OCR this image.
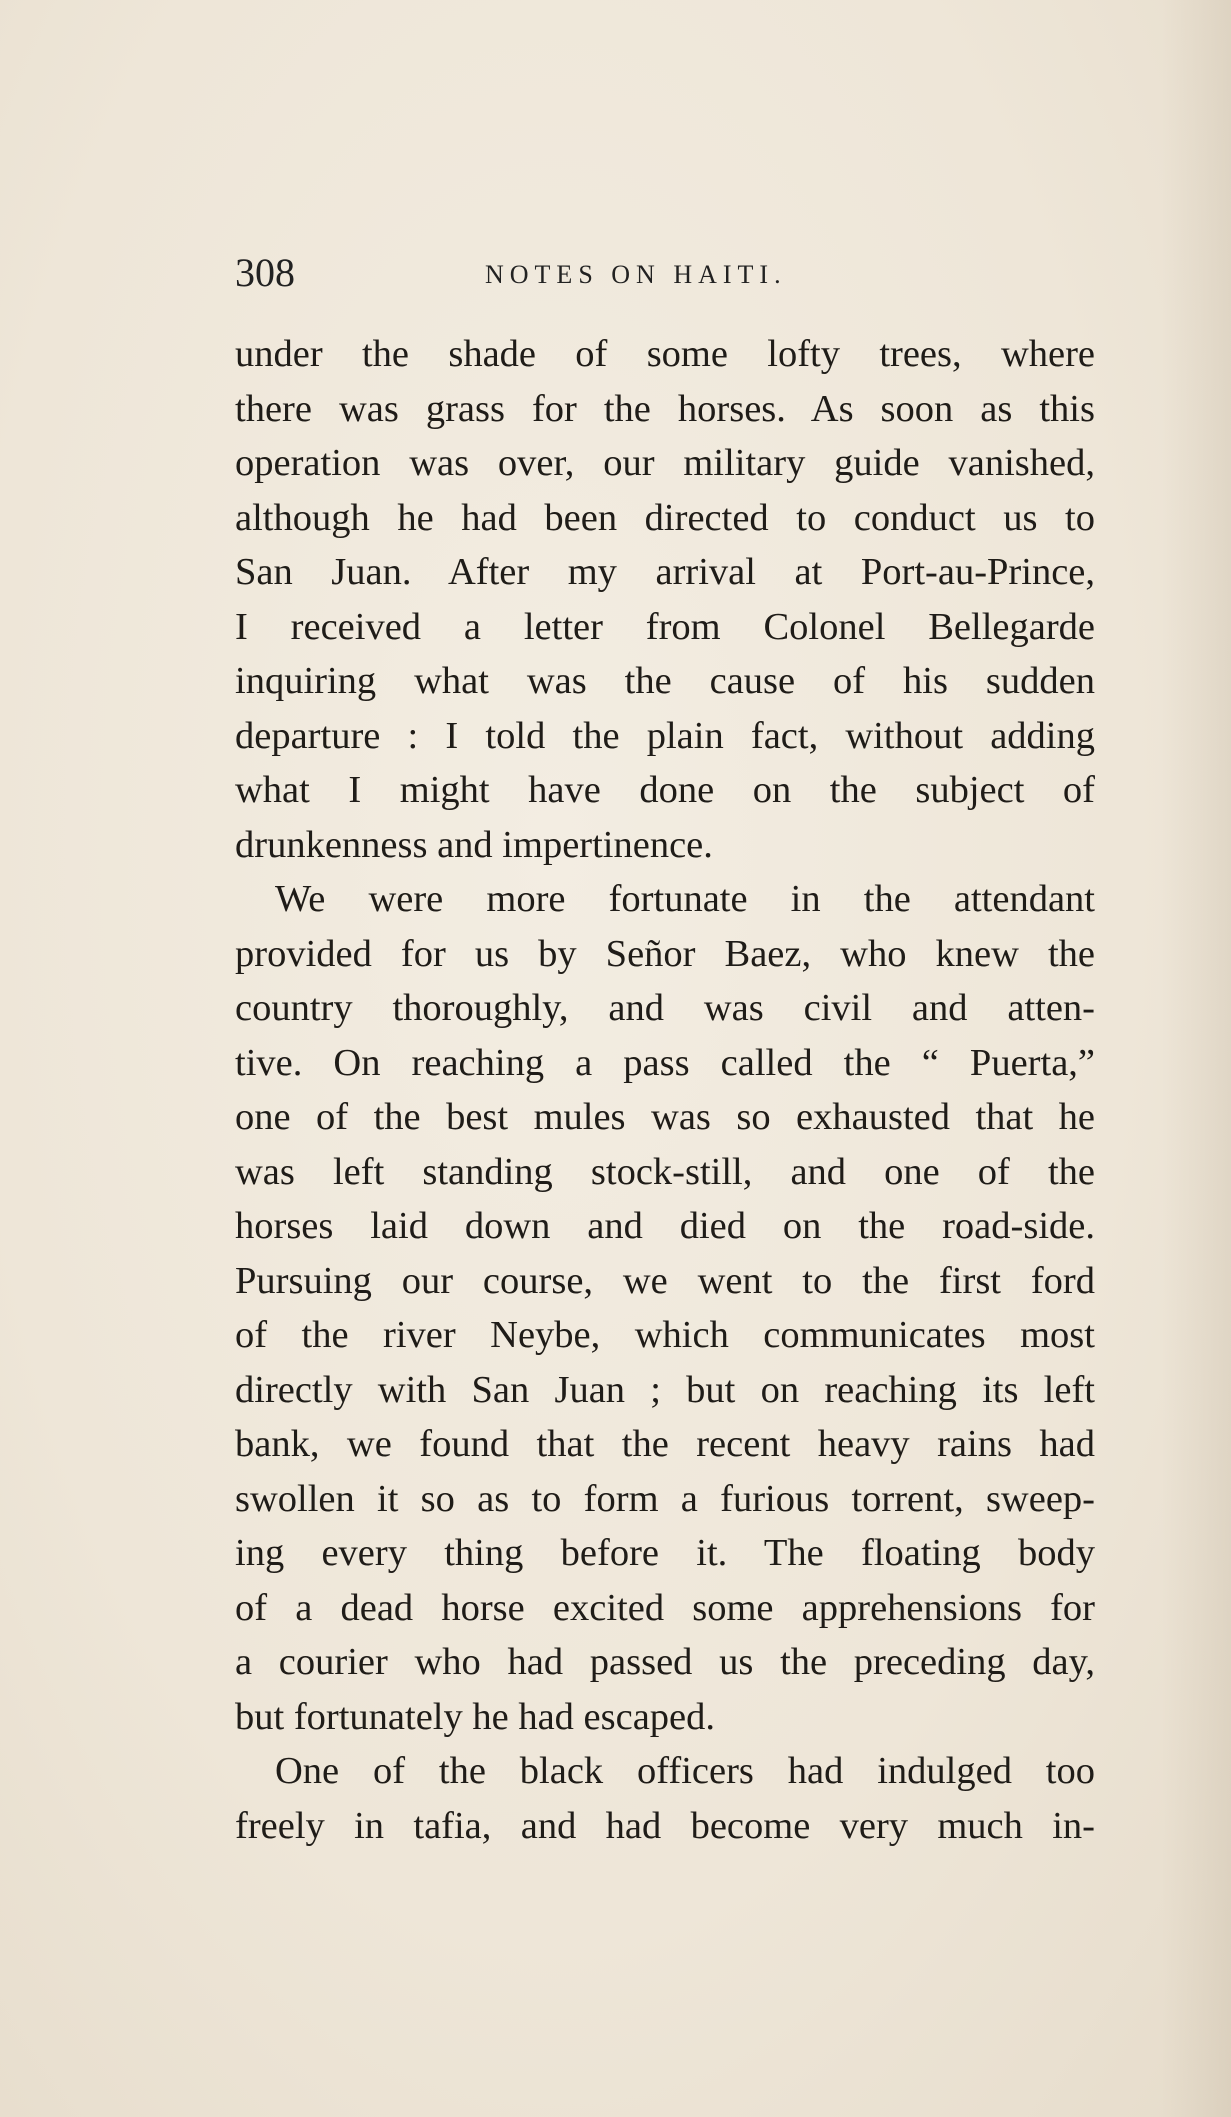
308	NOTES ON HAITI.
under the shade of some lofty trees, where
there was grass for the horses. As soon as this
operation was over, our military guide vanished,
although he had been directed to conduct us to
San Juan. After my arrival at Port-au-Prince,
I received a letter from Colonel Bellegarde
inquiring what was the cause of his sudden
departure : I told the plain fact, without adding
what I might have done on the subject of
drunkenness and impertinence.
We were more fortunate in the attendant
provided for us by Señor Baez, who knew the
country thoroughly, and was civil and atten-
tive. On reaching a pass called the “ Puerta,”
one of the best mules was so exhausted that he
was left standing stock-still, and one of the
horses laid down and died on the road-side.
Pursuing our course, we went to the first ford
of the river Neybe, which communicates most
directly with San Juan ; but on reaching its left
bank, we found that the recent heavy rains had
swollen it so as to form a furious torrent, sweep-
ing every thing before it. The floating body
of a dead horse excited some apprehensions for
a courier who had passed us the preceding day,
but fortunately he had escaped.
One of the black officers had indulged too
freely in tafia, and had become very much in-
